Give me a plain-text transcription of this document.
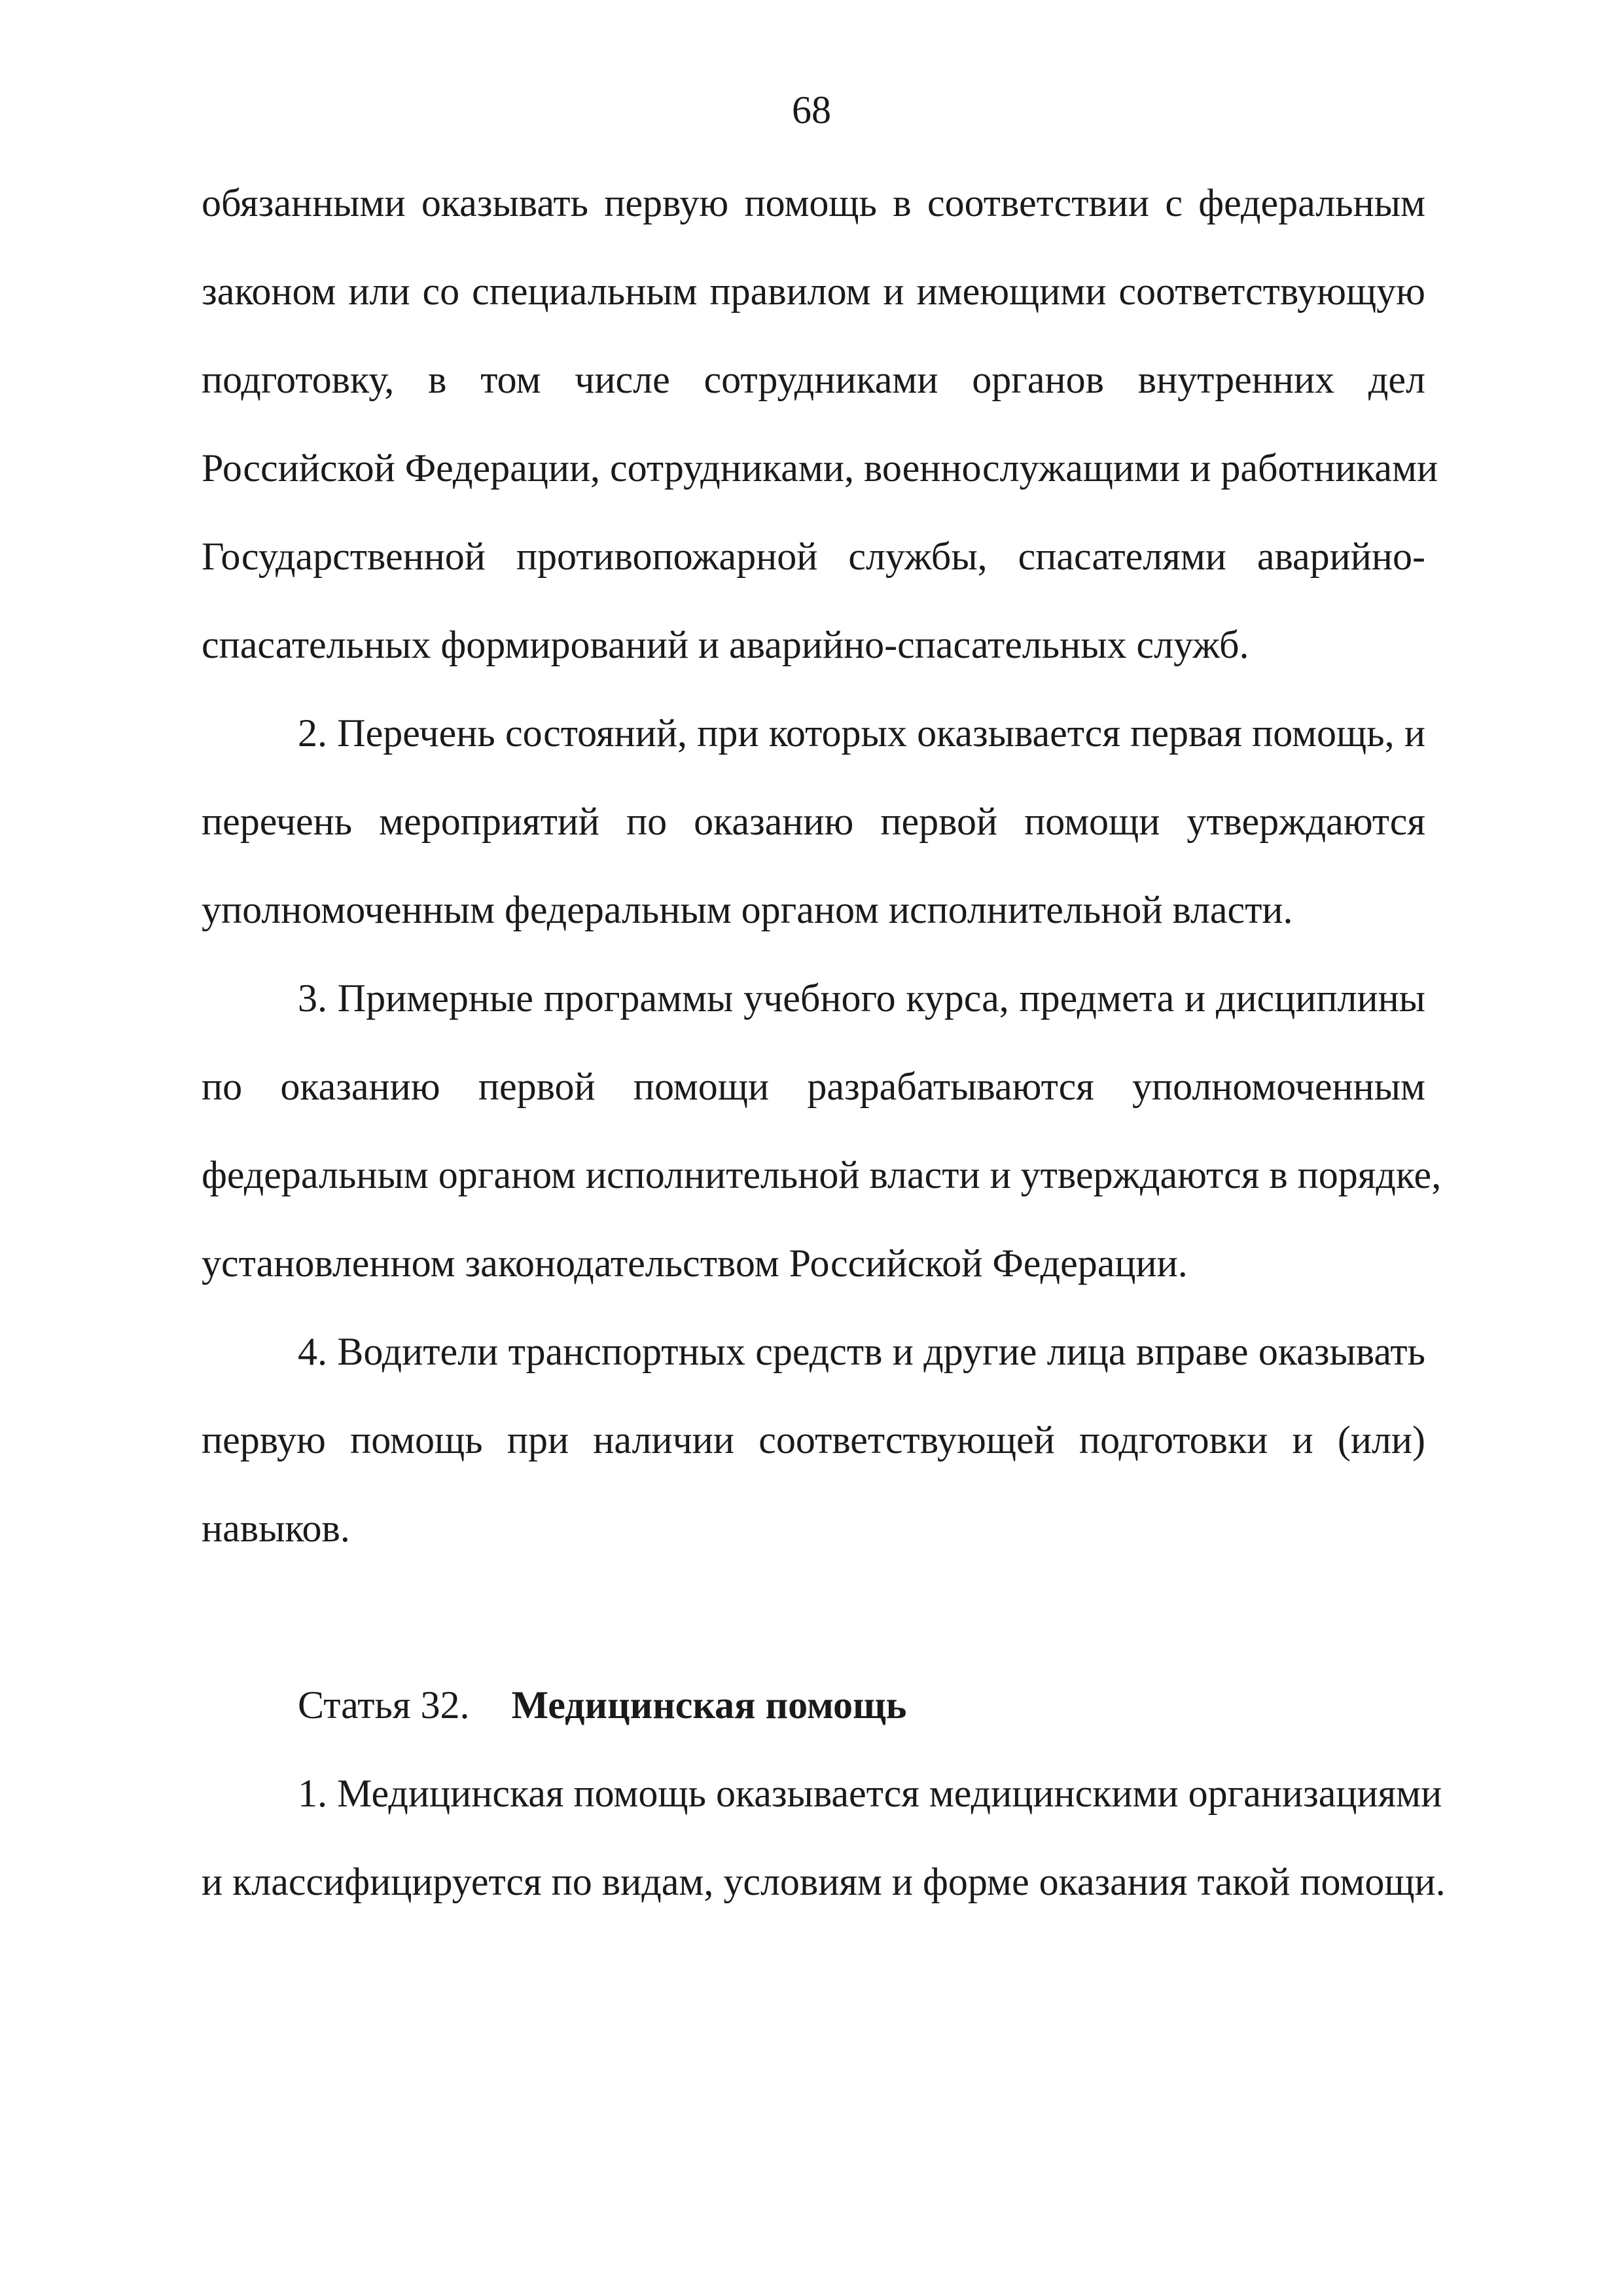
68
обязанными оказывать первую помощь в соответствии с федеральным
законом или со специальным правилом и имеющими соответствующую
подготовку, в том числе сотрудниками органов внутренних дел
Российской Федерации, сотрудниками, военнослужащими и работниками
Государственной противопожарной службы, спасателями аварийно-
спасательных формирований и аварийно-спасательных служб.
2. Перечень состояний, при которых оказывается первая помощь, и
перечень мероприятий по оказанию первой помощи утверждаются
уполномоченным федеральным органом исполнительной власти.
3. Примерные программы учебного курса, предмета и дисциплины
по оказанию первой помощи разрабатываются уполномоченным
федеральным органом исполнительной власти и утверждаются в порядке,
установленном законодательством Российской Федерации.
4. Водители транспортных средств и другие лица вправе оказывать
первую помощь при наличии соответствующей подготовки и (или)
навыков.
Статья 32. Медицинская помощь
1. Медицинская помощь оказывается медицинскими организациями
и классифицируется по видам, условиям и форме оказания такой помощи.
